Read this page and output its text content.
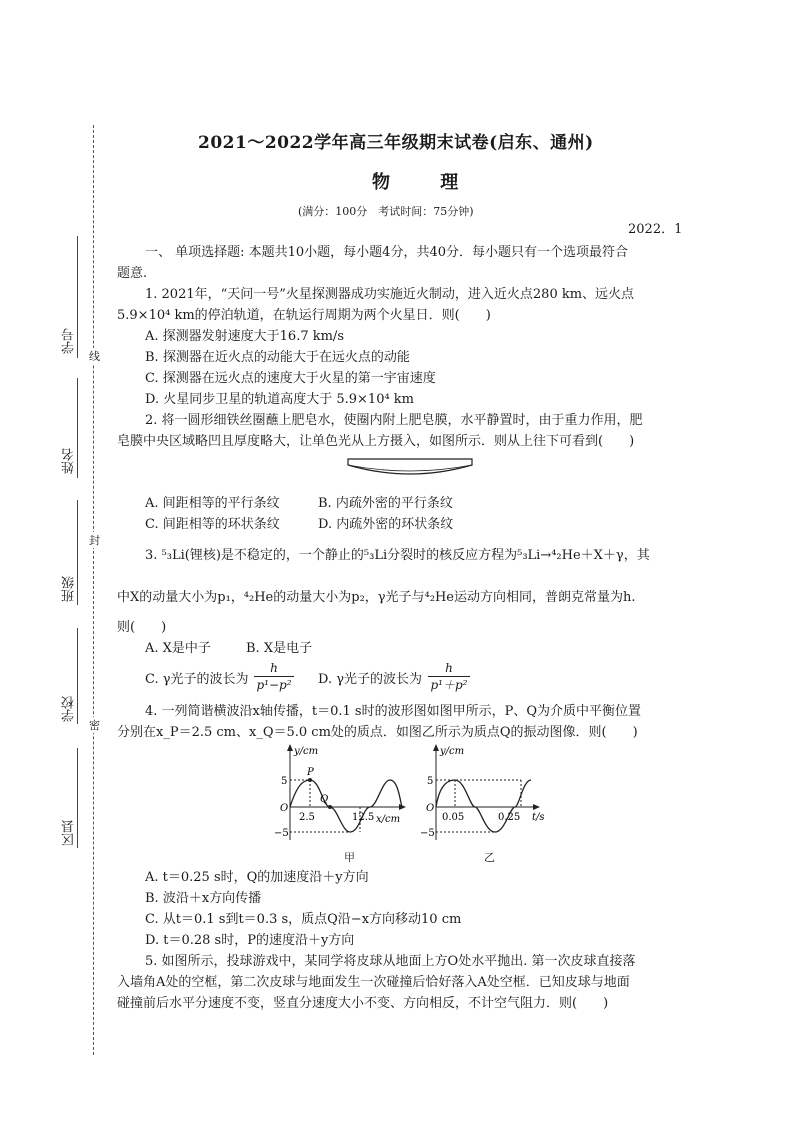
学号
姓名
班级
学校
区县
线
封
密
2021～2022学年高三年级期末试卷(启东、通州)
物 理
(满分：100分　考试时间：75分钟)
2022．1
一、 单项选择题: 本题共10小题，每小题4分，共40分．每小题只有一个选项最符合
题意.
1. 2021年，“天问一号”火星探测器成功实施近火制动，进入近火点280 km、远火点
5.9×10⁴ km的停泊轨道，在轨运行周期为两个火星日．则(　　)
A. 探测器发射速度大于16.7 km/s
B. 探测器在近火点的动能大于在远火点的动能
C. 探测器在远火点的速度大于火星的第一宇宙速度
D. 火星同步卫星的轨道高度大于 5.9×10⁴ km
2. 将一圆形细铁丝圈蘸上肥皂水，使圈内附上肥皂膜，水平静置时，由于重力作用，肥
皂膜中央区域略凹且厚度略大，让单色光从上方摄入，如图所示．则从上往下可看到(　　)
A. 间距相等的平行条纹	B. 内疏外密的平行条纹
C. 间距相等的环状条纹	D. 内疏外密的环状条纹
3. ⁵₃Li(锂核)是不稳定的，一个静止的⁵₃Li分裂时的核反应方程为⁵₃Li→⁴₂He＋X＋γ，其
中X的动量大小为p₁，⁴₂He的动量大小为p₂，γ光子与⁴₂He运动方向相同，普朗克常量为h.
则(　　)
A. X是中子	B. X是电子
C. γ光子的波长为 $\frac{h}{\text{p¹−p²}} D$. γ光子的波长为 $\frac{h}{\text{p¹＋p²}}$
4. 一列简谐横波沿x轴传播，t＝0.1 s时的波形图如图甲所示，P、Q为介质中平衡位置
分别在x_P＝2.5 cm、x_Q＝5.0 cm处的质点．如图乙所示为质点Q的振动图像．则(　　)
y/cm
x/cm
O
5
−5
2.5	12.5
P
Q
甲
y/cm
t/s
O
5
−5
0.05	0.25
乙
A. t＝0.25 s时，Q的加速度沿＋y方向
B. 波沿＋x方向传播
C. 从t＝0.1 s到t＝0.3 s，质点Q沿−x方向移动10 cm
D. t＝0.28 s时，P的速度沿＋y方向
5. 如图所示，投球游戏中，某同学将皮球从地面上方O处水平抛出. 第一次皮球直接落
入墙角A处的空框，第二次皮球与地面发生一次碰撞后恰好落入A处空框．已知皮球与地面
碰撞前后水平分速度不变，竖直分速度大小不变、方向相反，不计空气阻力．则(　　)
